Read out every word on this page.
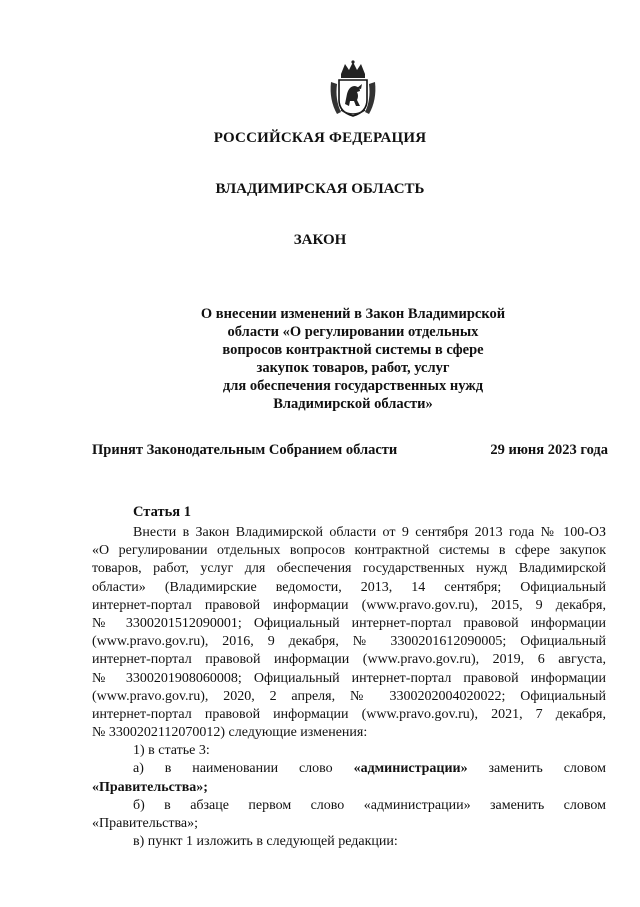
РОССИЙСКАЯ ФЕДЕРАЦИЯ
ВЛАДИМИРСКАЯ ОБЛАСТЬ
ЗАКОН
О внесении изменений в Закон Владимирской
области «О регулировании отдельных
вопросов контрактной системы в сфере
закупок товаров, работ, услуг
для обеспечения государственных нужд
Владимирской области»
Принят Законодательным Собранием области	29 июня 2023 года
Статья 1
Внести в Закон Владимирской области от 9 сентября 2013 года № 100-ОЗ
«О регулировании отдельных вопросов контрактной системы в сфере закупок
товаров, работ, услуг для обеспечения государственных нужд Владимирской
области» (Владимирские ведомости, 2013, 14 сентября; Официальный
интернет-портал правовой информации (www.pravo.gov.ru), 2015, 9 декабря,
№ 3300201512090001; Официальный интернет-портал правовой информации
(www.pravo.gov.ru), 2016, 9 декабря, № 3300201612090005; Официальный
интернет-портал правовой информации (www.pravo.gov.ru), 2019, 6 августа,
№ 3300201908060008; Официальный интернет-портал правовой информации
(www.pravo.gov.ru), 2020, 2 апреля, № 3300202004020022; Официальный
интернет-портал правовой информации (www.pravo.gov.ru), 2021, 7 декабря,
№ 3300202112070012) следующие изменения:
1) в статье 3:
а) в наименовании слово «администрации» заменить словом
«Правительства»;
б) в абзаце первом слово «администрации» заменить словом
«Правительства»;
в) пункт 1 изложить в следующей редакции:
